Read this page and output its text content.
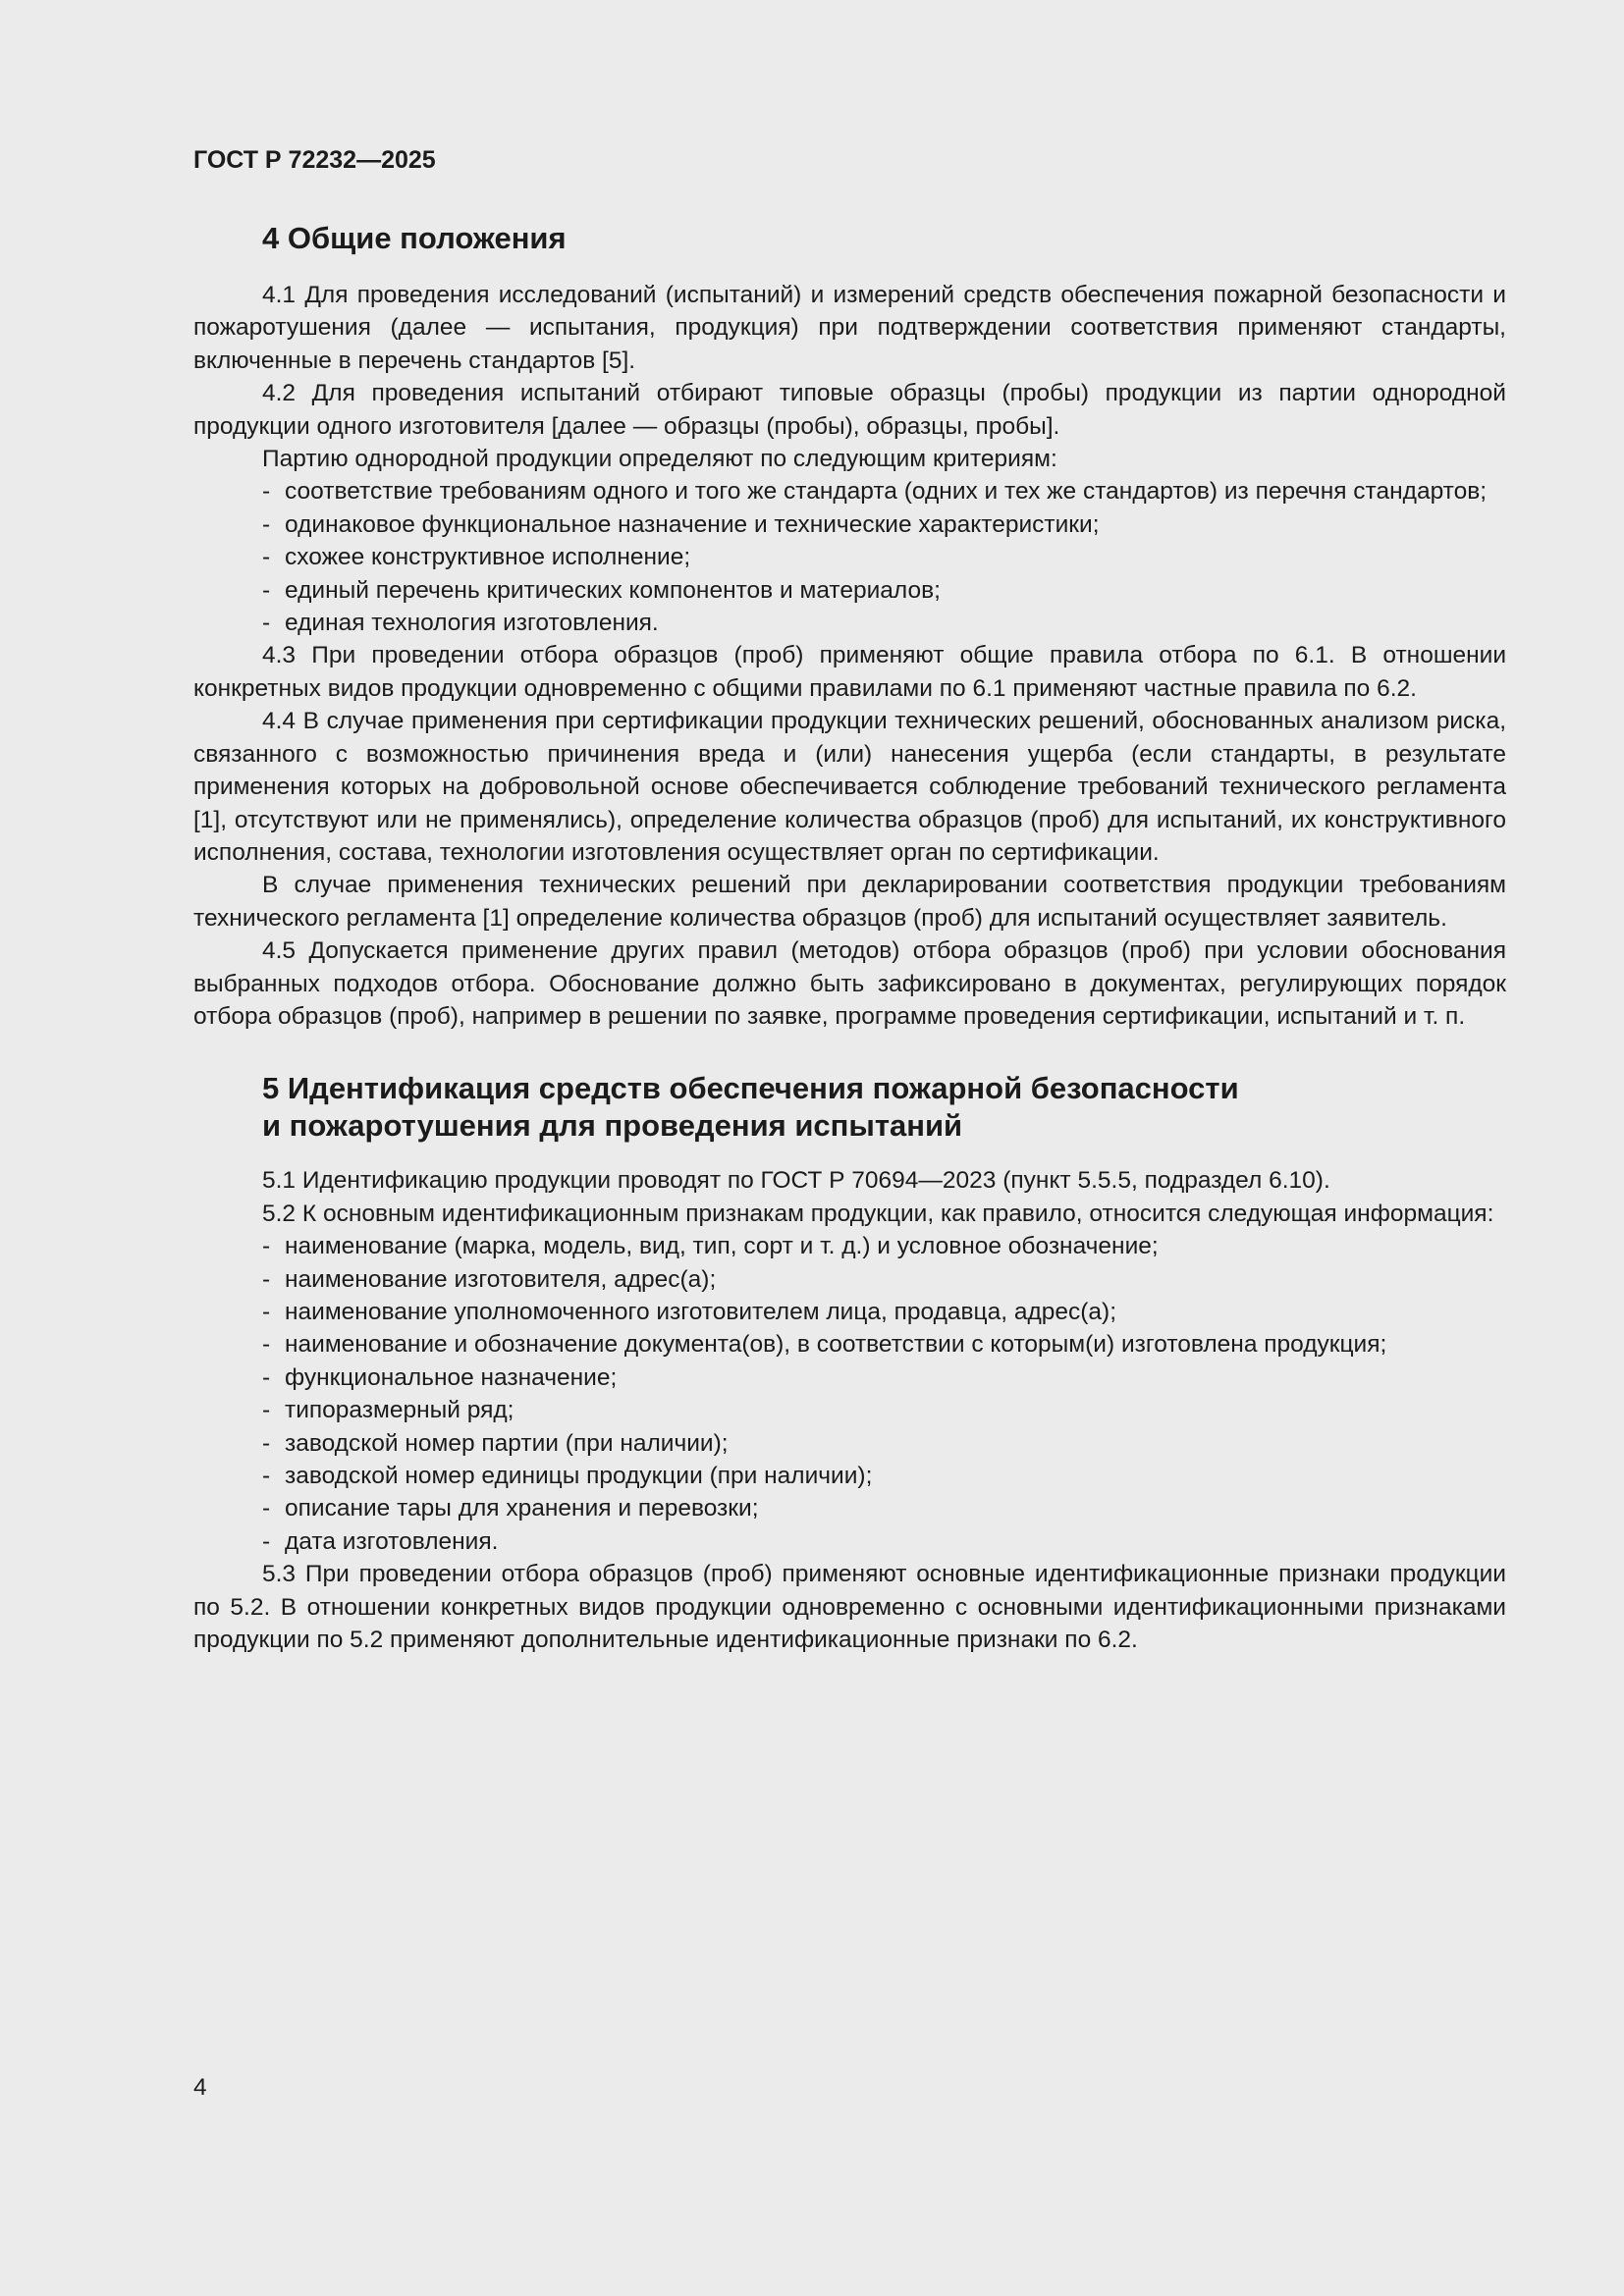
ГОСТ Р 72232—2025
4 Общие положения

4.1 Для проведения исследований (испытаний) и измерений средств обеспечения пожарной безопасности и пожаротушения (далее — испытания, продукция) при подтверждении соответствия применяют стандарты, включенные в перечень стандартов [5].

4.2 Для проведения испытаний отбирают типовые образцы (пробы) продукции из партии однородной продукции одного изготовителя [далее — образцы (пробы), образцы, пробы].

Партию однородной продукции определяют по следующим критериям:

- соответствие требованиям одного и того же стандарта (одних и тех же стандартов) из перечня стандартов;

- одинаковое функциональное назначение и технические характеристики;

- схожее конструктивное исполнение;

- единый перечень критических компонентов и материалов;

- единая технология изготовления.

4.3 При проведении отбора образцов (проб) применяют общие правила отбора по 6.1. В отношении конкретных видов продукции одновременно с общими правилами по 6.1 применяют частные правила по 6.2.

4.4 В случае применения при сертификации продукции технических решений, обоснованных анализом риска, связанного с возможностью причинения вреда и (или) нанесения ущерба (если стандарты, в результате применения которых на добровольной основе обеспечивается соблюдение требований технического регламента [1], отсутствуют или не применялись), определение количества образцов (проб) для испытаний, их конструктивного исполнения, состава, технологии изготовления осуществляет орган по сертификации.

В случае применения технических решений при декларировании соответствия продукции требованиям технического регламента [1] определение количества образцов (проб) для испытаний осуществляет заявитель.

4.5 Допускается применение других правил (методов) отбора образцов (проб) при условии обоснования выбранных подходов отбора. Обоснование должно быть зафиксировано в документах, регулирующих порядок отбора образцов (проб), например в решении по заявке, программе проведения сертификации, испытаний и т. п.

5 Идентификация средств обеспечения пожарной безопасности
и пожаротушения для проведения испытаний

5.1 Идентификацию продукции проводят по ГОСТ Р 70694—2023 (пункт 5.5.5, подраздел 6.10).

5.2 К основным идентификационным признакам продукции, как правило, относится следующая информация:

- наименование (марка, модель, вид, тип, сорт и т. д.) и условное обозначение;

- наименование изготовителя, адрес(а);

- наименование уполномоченного изготовителем лица, продавца, адрес(а);

- наименование и обозначение документа(ов), в соответствии с которым(и) изготовлена продукция;

- функциональное назначение;

- типоразмерный ряд;

- заводской номер партии (при наличии);

- заводской номер единицы продукции (при наличии);

- описание тары для хранения и перевозки;

- дата изготовления.

5.3 При проведении отбора образцов (проб) применяют основные идентификационные признаки продукции по 5.2. В отношении конкретных видов продукции одновременно с основными идентификационными признаками продукции по 5.2 применяют дополнительные идентификационные признаки по 6.2.

4
